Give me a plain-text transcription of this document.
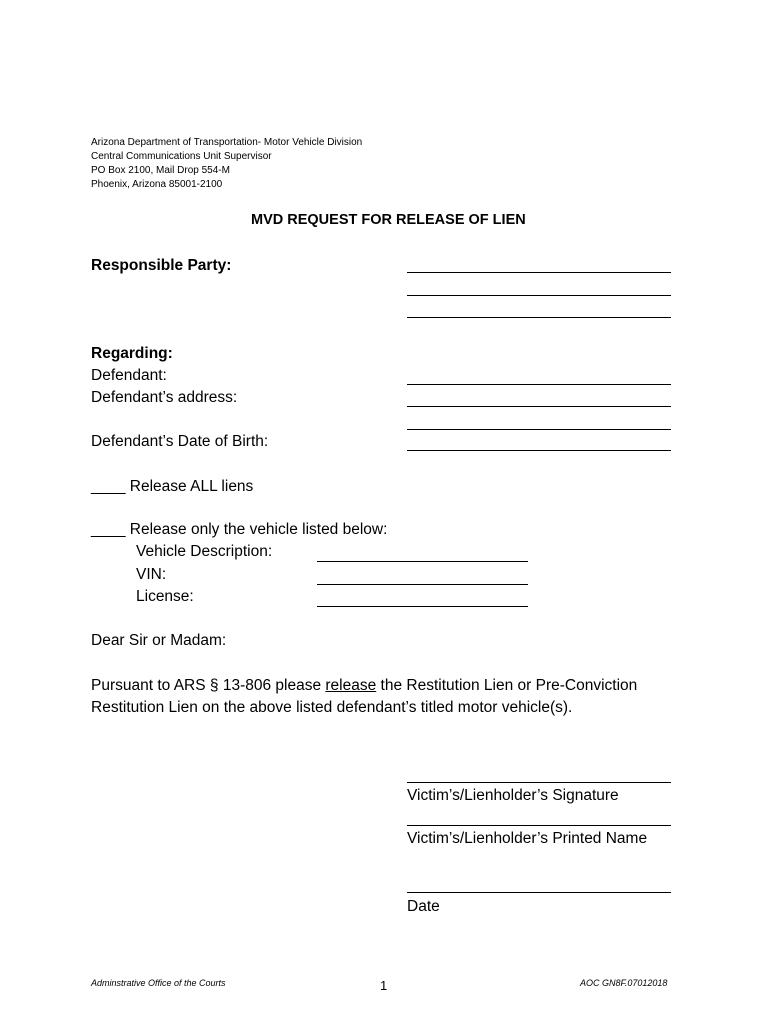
Arizona Department of Transportation- Motor Vehicle Division
Central Communications Unit Supervisor
PO Box 2100, Mail Drop 554-M
Phoenix, Arizona 85001-2100
MVD REQUEST FOR RELEASE OF LIEN
Responsible Party:
Regarding:
Defendant:
Defendant’s address:
Defendant’s Date of Birth:
____ Release ALL liens
____ Release only the vehicle listed below:
Vehicle Description:
VIN:
License:
Dear Sir or Madam:
Pursuant to ARS § 13-806 please release the Restitution Lien or Pre-Conviction
Restitution Lien on the above listed defendant’s titled motor vehicle(s).
Victim’s/Lienholder’s Signature
Victim’s/Lienholder’s Printed Name
Date
Adminstrative Office of the Courts	1	AOC GN8F.07012018
